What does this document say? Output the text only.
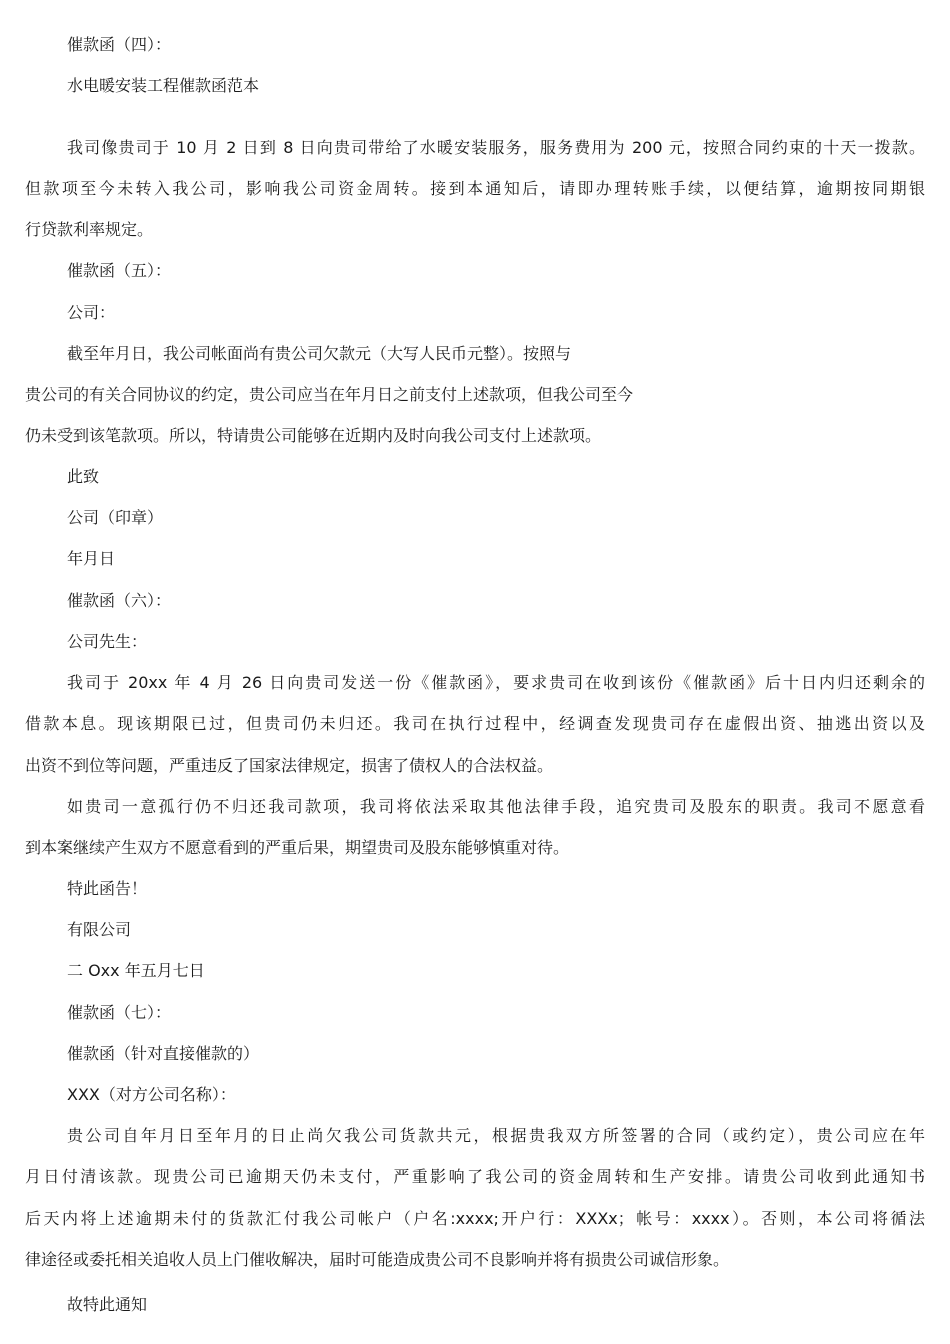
催款函（四）：
水电暖安装工程催款函范本
我司像贵司于 10 月 2 日到 8 日向贵司带给了水暖安装服务，服务费用为 200 元，按照合同约束的十天一拨款。
但款项至今未转入我公司，影响我公司资金周转。接到本通知后，请即办理转账手续，以便结算，逾期按同期银
行贷款利率规定。
催款函（五）：
公司：
截至年月日，我公司帐面尚有贵公司欠款元（大写人民币元整）。按照与
贵公司的有关合同协议的约定，贵公司应当在年月日之前支付上述款项，但我公司至今
仍未受到该笔款项。所以，特请贵公司能够在近期内及时向我公司支付上述款项。
此致
公司（印章）
年月日
催款函（六）：
公司先生：
我司于 20xx 年 4 月 26 日向贵司发送一份《催款函》，要求贵司在收到该份《催款函》后十日内归还剩余的
借款本息。现该期限已过，但贵司仍未归还。我司在执行过程中，经调查发现贵司存在虚假出资、抽逃出资以及
出资不到位等问题，严重违反了国家法律规定，损害了债权人的合法权益。
如贵司一意孤行仍不归还我司款项，我司将依法采取其他法律手段，追究贵司及股东的职责。我司不愿意看
到本案继续产生双方不愿意看到的严重后果，期望贵司及股东能够慎重对待。
特此函告！
有限公司
二 Oxx 年五月七日
催款函（七）：
催款函（针对直接催款的）
XXX（对方公司名称）：
贵公司自年月日至年月的日止尚欠我公司货款共元，根据贵我双方所签署的合同（或约定），贵公司应在年
月日付清该款。现贵公司已逾期天仍未支付，严重影响了我公司的资金周转和生产安排。请贵公司收到此通知书
后天内将上述逾期未付的货款汇付我公司帐户（户名:xxxx;开户行：XXXx；帐号：xxxx）。否则，本公司将循法
律途径或委托相关追收人员上门催收解决，届时可能造成贵公司不良影响并将有损贵公司诚信形象。
故特此通知
